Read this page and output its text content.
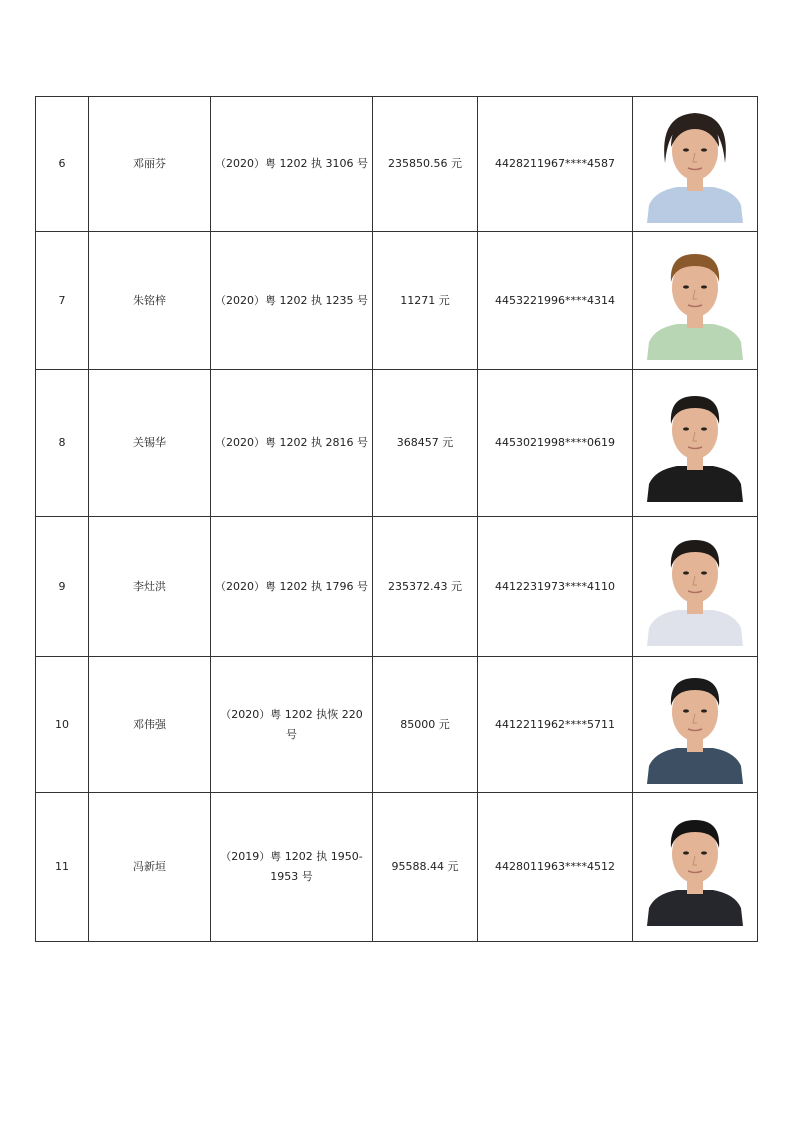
6	邓丽芬	（2020）粤 1202 执 3106 号	235850.56 元	4428211967****4587	

7	朱铭梓	（2020）粤 1202 执 1235 号	11271 元	4453221996****4314	

8	关锡华	（2020）粤 1202 执 2816 号	368457 元	4453021998****0619	

9	李灶洪	（2020）粤 1202 执 1796 号	235372.43 元	4412231973****4110	

10	邓伟强	（2020）粤 1202 执恢 220 号	85000 元	4412211962****5711	

11	冯新垣	（2019）粤 1202 执 1950-1953 号	95588.44 元	4428011963****4512	
